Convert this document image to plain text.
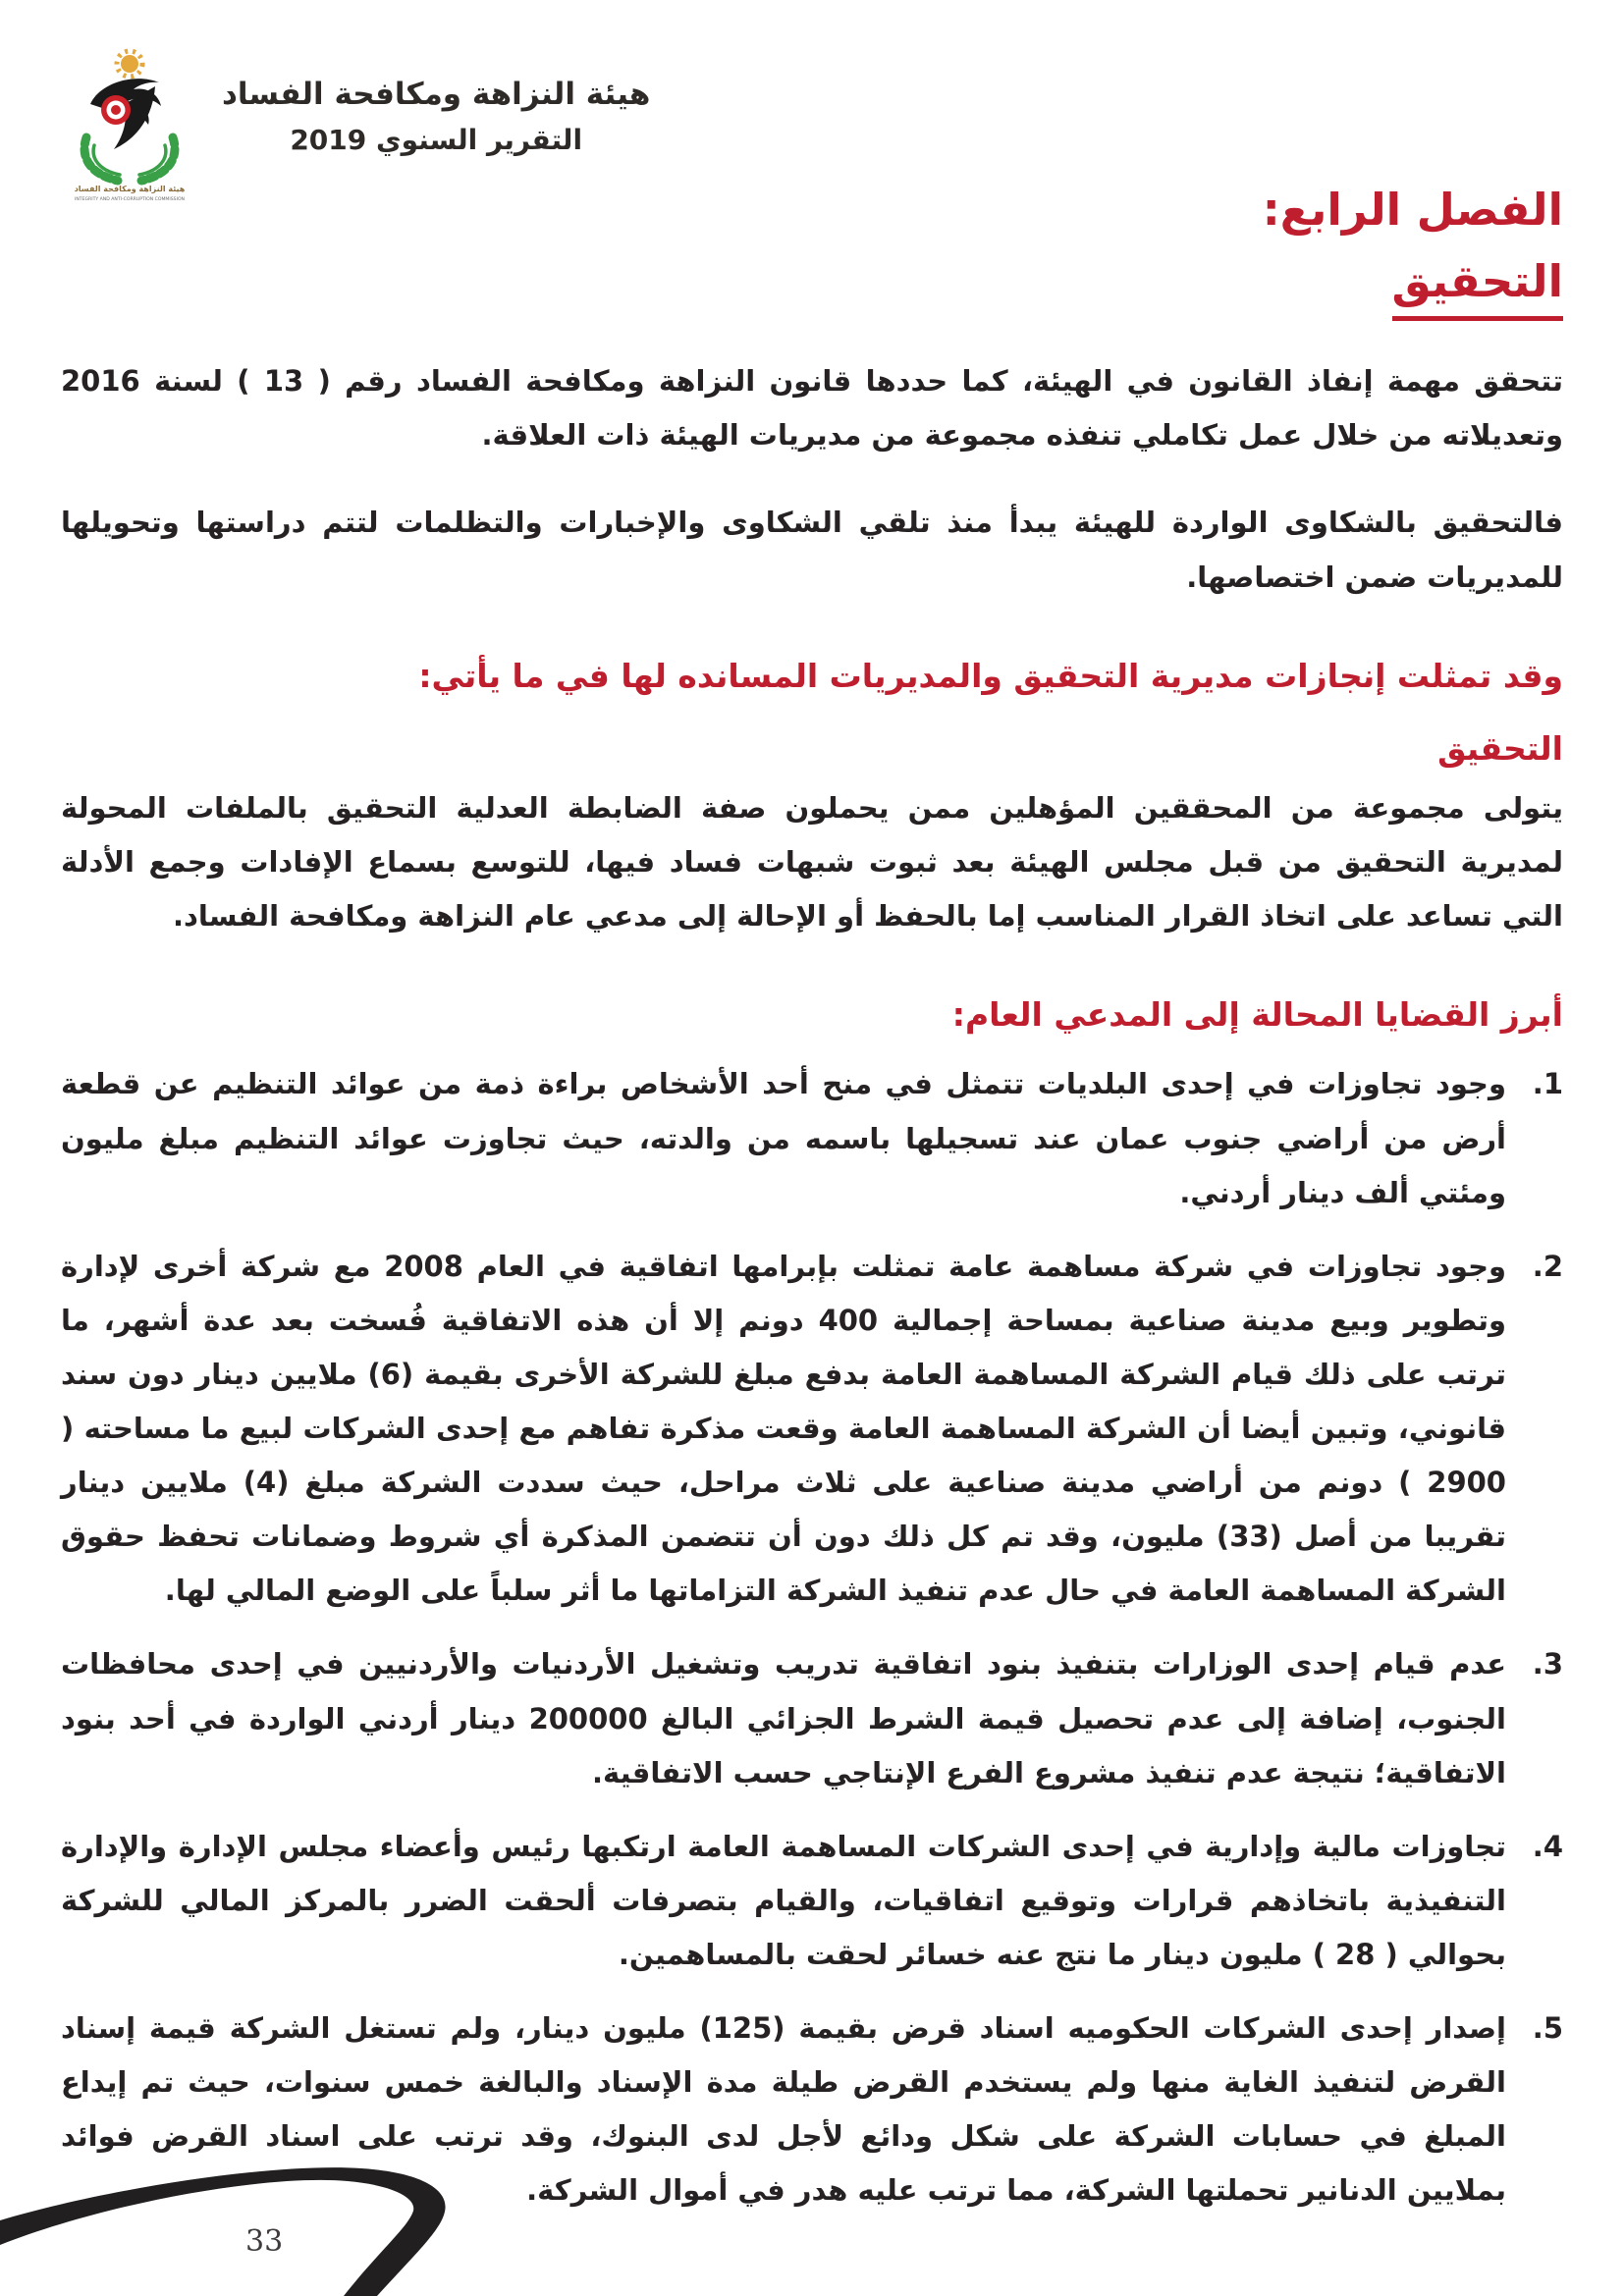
هيئة النزاهة ومكافحة الفساد
INTEGRITY AND ANTI-CORRUPTION COMMISSION
هيئة النزاهة ومكافحة الفساد
التقرير السنوي 2019
الفصل الرابع:
التحقيق

تتحقق مهمة إنفاذ القانون في الهيئة، كما حددها قانون النزاهة ومكافحة الفساد رقم ( 13 ) لسنة 2016 وتعديلاته من خلال عمل تكاملي تنفذه مجموعة من مديريات الهيئة ذات العلاقة.

فالتحقيق بالشكاوى الواردة للهيئة يبدأ منذ تلقي الشكاوى والإخبارات والتظلمات لتتم دراستها وتحويلها للمديريات ضمن اختصاصها.

وقد تمثلت إنجازات مديرية التحقيق والمديريات المسانده لها في ما يأتي:
التحقيق

يتولى مجموعة من المحققين المؤهلين ممن يحملون صفة الضابطة العدلية التحقيق بالملفات المحولة لمديرية التحقيق من قبل مجلس الهيئة بعد ثبوت شبهات فساد فيها، للتوسع بسماع الإفادات وجمع الأدلة التي تساعد على اتخاذ القرار المناسب إما بالحفظ أو الإحالة إلى مدعي عام النزاهة ومكافحة الفساد.

أبرز القضايا المحالة إلى المدعي العام:
1.
وجود تجاوزات في إحدى البلديات تتمثل في منح أحد الأشخاص براءة ذمة من عوائد التنظيم عن قطعة أرض من أراضي جنوب عمان عند تسجيلها باسمه من والدته، حيث تجاوزت عوائد التنظيم مبلغ مليون ومئتي ألف دينار أردني.
2.
وجود تجاوزات في شركة مساهمة عامة تمثلت بإبرامها اتفاقية في العام 2008 مع شركة أخرى لإدارة وتطوير وبيع مدينة صناعية بمساحة إجمالية 400 دونم إلا أن هذه الاتفاقية فُسخت بعد عدة أشهر، ما ترتب على ذلك قيام الشركة المساهمة العامة بدفع مبلغ للشركة الأخرى بقيمة (6) ملايين دينار دون سند قانوني، وتبين أيضا أن الشركة المساهمة العامة وقعت مذكرة تفاهم مع إحدى الشركات لبيع ما مساحته ( 2900 ) دونم من أراضي مدينة صناعية على ثلاث مراحل، حيث سددت الشركة مبلغ (4) ملايين دينار تقريبا من أصل (33) مليون، وقد تم كل ذلك دون أن تتضمن المذكرة أي شروط وضمانات تحفظ حقوق الشركة المساهمة العامة في حال عدم تنفيذ الشركة التزاماتها ما أثر سلباً على الوضع المالي لها.
3.
عدم قيام إحدى الوزارات بتنفيذ بنود اتفاقية تدريب وتشغيل الأردنيات والأردنيين في إحدى محافظات الجنوب، إضافة إلى عدم تحصيل قيمة الشرط الجزائي البالغ 200000 دينار أردني الواردة في أحد بنود الاتفاقية؛ نتيجة عدم تنفيذ مشروع الفرع الإنتاجي حسب الاتفاقية.
4.
تجاوزات مالية وإدارية في إحدى الشركات المساهمة العامة ارتكبها رئيس وأعضاء مجلس الإدارة والإدارة التنفيذية باتخاذهم قرارات وتوقيع اتفاقيات، والقيام بتصرفات ألحقت الضرر بالمركز المالي للشركة بحوالي ( 28 ) مليون دينار ما نتج عنه خسائر لحقت بالمساهمين.
5.
إصدار إحدى الشركات الحكوميه اسناد قرض بقيمة (125) مليون دينار، ولم تستغل الشركة قيمة إسناد القرض لتنفيذ الغاية منها ولم يستخدم القرض طيلة مدة الإسناد والبالغة خمس سنوات، حيث تم إيداع المبلغ في حسابات الشركة على شكل ودائع لأجل لدى البنوك، وقد ترتب على اسناد القرض فوائد بملايين الدنانير تحملتها الشركة، مما ترتب عليه هدر في أموال الشركة.
33
